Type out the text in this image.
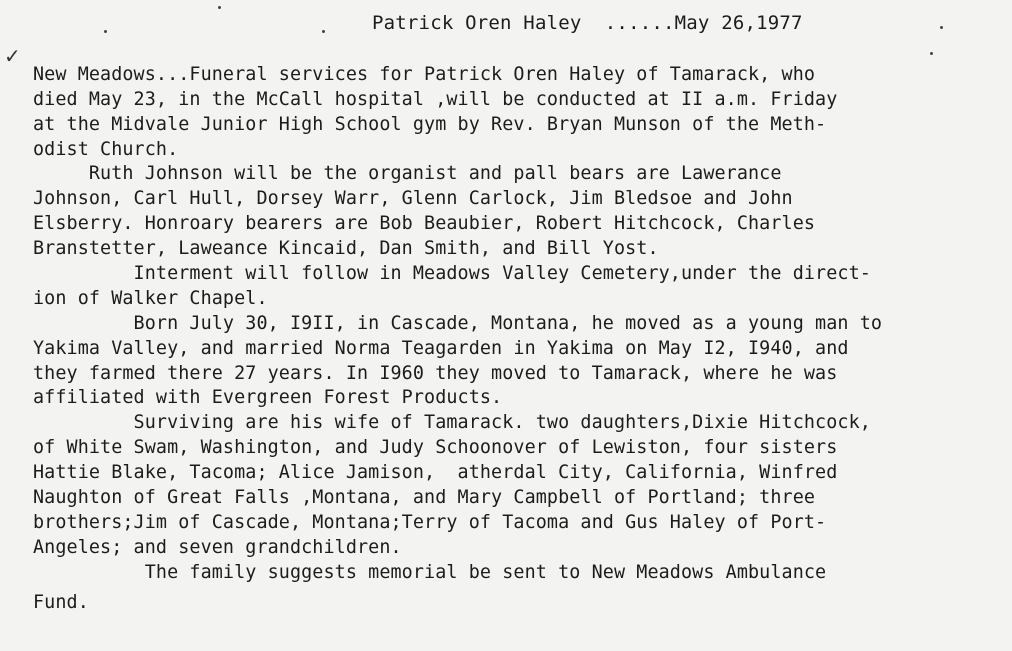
✓
Patrick Oren Haley ......May 26,1977
New Meadows...Funeral services for Patrick Oren Haley of Tamarack, who
died May 23, in the McCall hospital ,will be conducted at II a.m. Friday
at the Midvale Junior High School gym by Rev. Bryan Munson of the Meth-
odist Church.
Ruth Johnson will be the organist and pall bears are Lawerance
Johnson, Carl Hull, Dorsey Warr, Glenn Carlock, Jim Bledsoe and John
Elsberry. Honroary bearers are Bob Beaubier, Robert Hitchcock, Charles
Branstetter, Laweance Kincaid, Dan Smith, and Bill Yost.
Interment will follow in Meadows Valley Cemetery,under the direct-
ion of Walker Chapel.
Born July 30, I9II, in Cascade, Montana, he moved as a young man to
Yakima Valley, and married Norma Teagarden in Yakima on May I2, I940, and
they farmed there 27 years. In I960 they moved to Tamarack, where he was
affiliated with Evergreen Forest Products.
Surviving are his wife of Tamarack. two daughters,Dixie Hitchcock,
of White Swam, Washington, and Judy Schoonover of Lewiston, four sisters
Hattie Blake, Tacoma; Alice Jamison,  atherdal City, California, Winfred
Naughton of Great Falls ,Montana, and Mary Campbell of Portland; three
brothers;Jim of Cascade, Montana;Terry of Tacoma and Gus Haley of Port-
Angeles; and seven grandchildren.
The family suggests memorial be sent to New Meadows Ambulance
Fund.
